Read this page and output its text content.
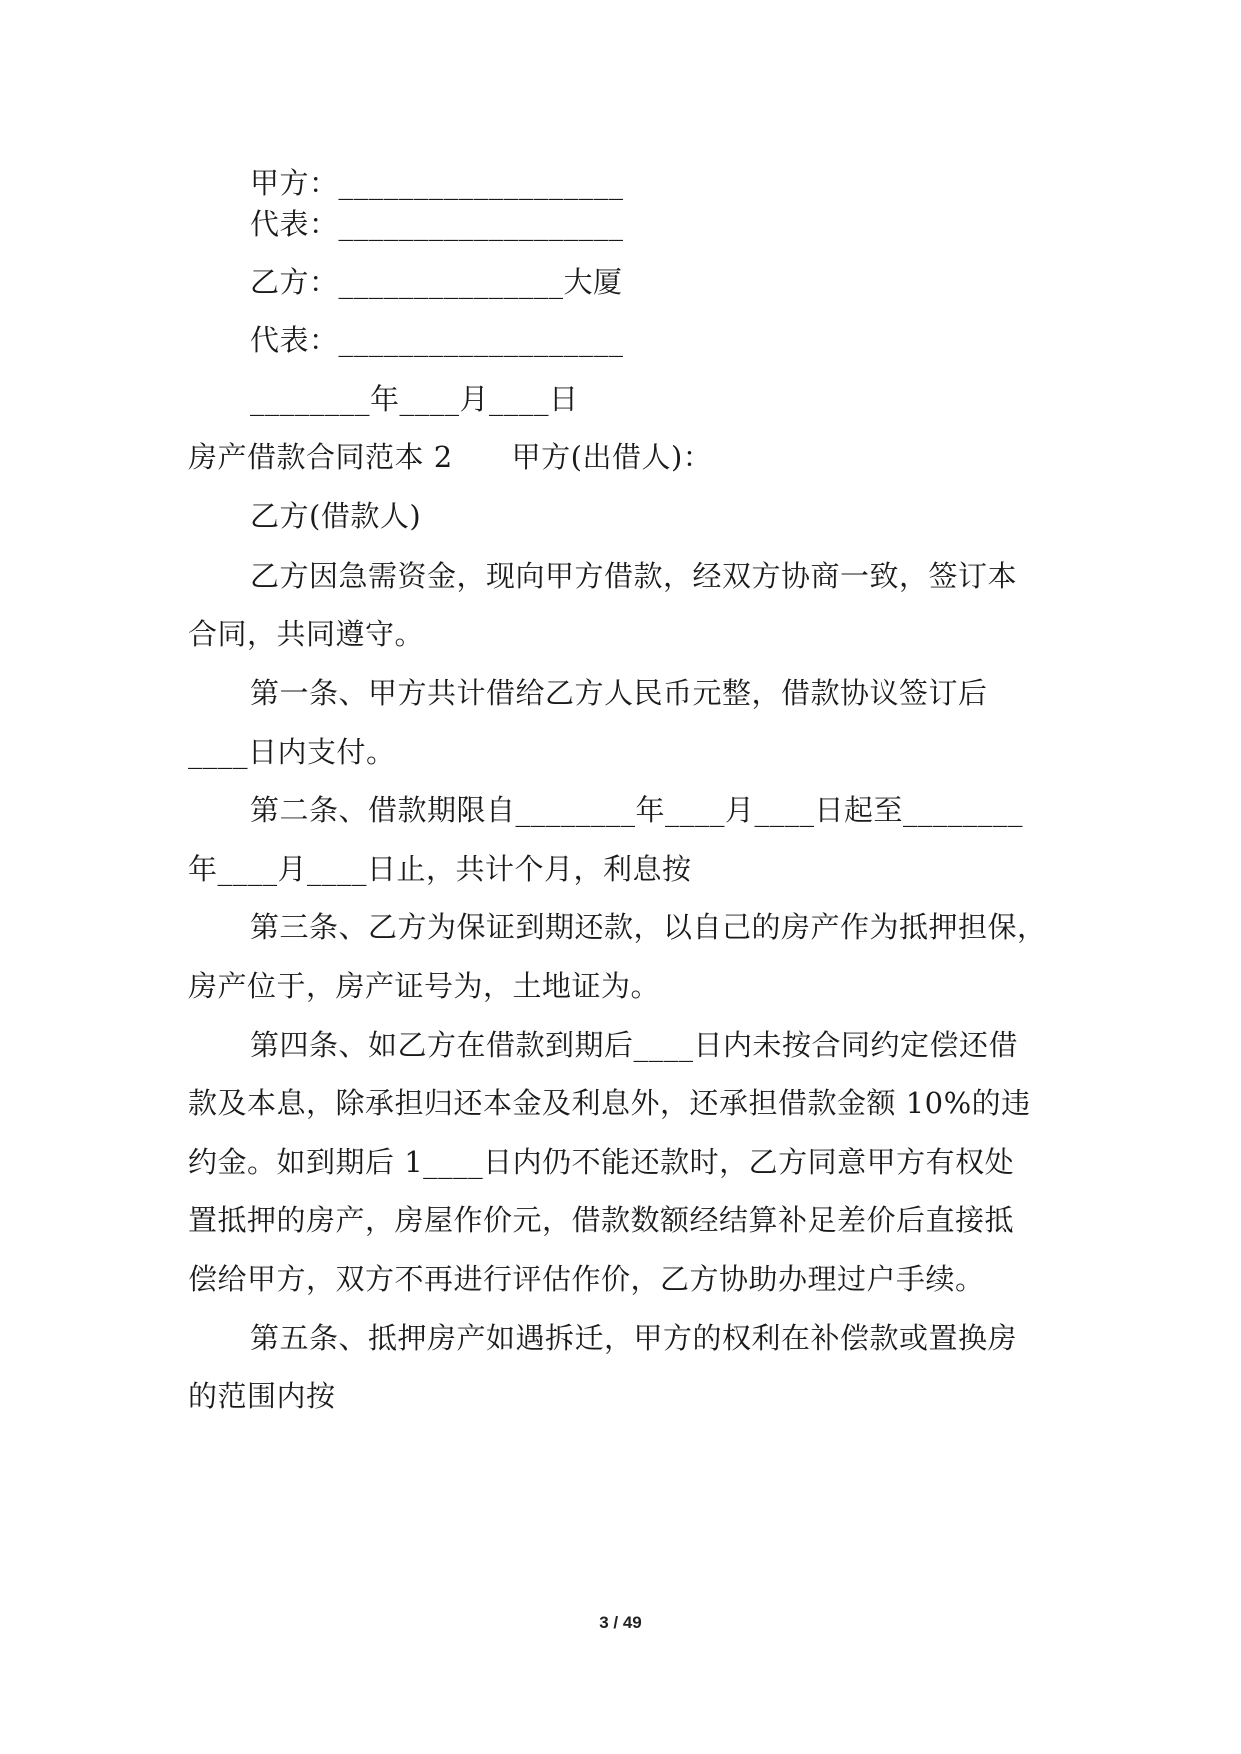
甲方：___________________
代表：___________________
乙方：_______________大厦
代表：___________________
________年____月____日
房产借款合同范本 2　　甲方(出借人)：
乙方(借款人)
乙方因急需资金，现向甲方借款，经双方协商一致，签订本
合同，共同遵守。
第一条、甲方共计借给乙方人民币元整，借款协议签订后
____日内支付。
第二条、借款期限自________年____月____日起至________
年____月____日止，共计个月，利息按
第三条、乙方为保证到期还款，以自己的房产作为抵押担保，
房产位于，房产证号为，土地证为。
第四条、如乙方在借款到期后____日内未按合同约定偿还借
款及本息，除承担归还本金及利息外，还承担借款金额 10%的违
约金。如到期后 1____日内仍不能还款时，乙方同意甲方有权处
置抵押的房产，房屋作价元，借款数额经结算补足差价后直接抵
偿给甲方，双方不再进行评估作价，乙方协助办理过户手续。
第五条、抵押房产如遇拆迁，甲方的权利在补偿款或置换房
的范围内按
3 / 49
